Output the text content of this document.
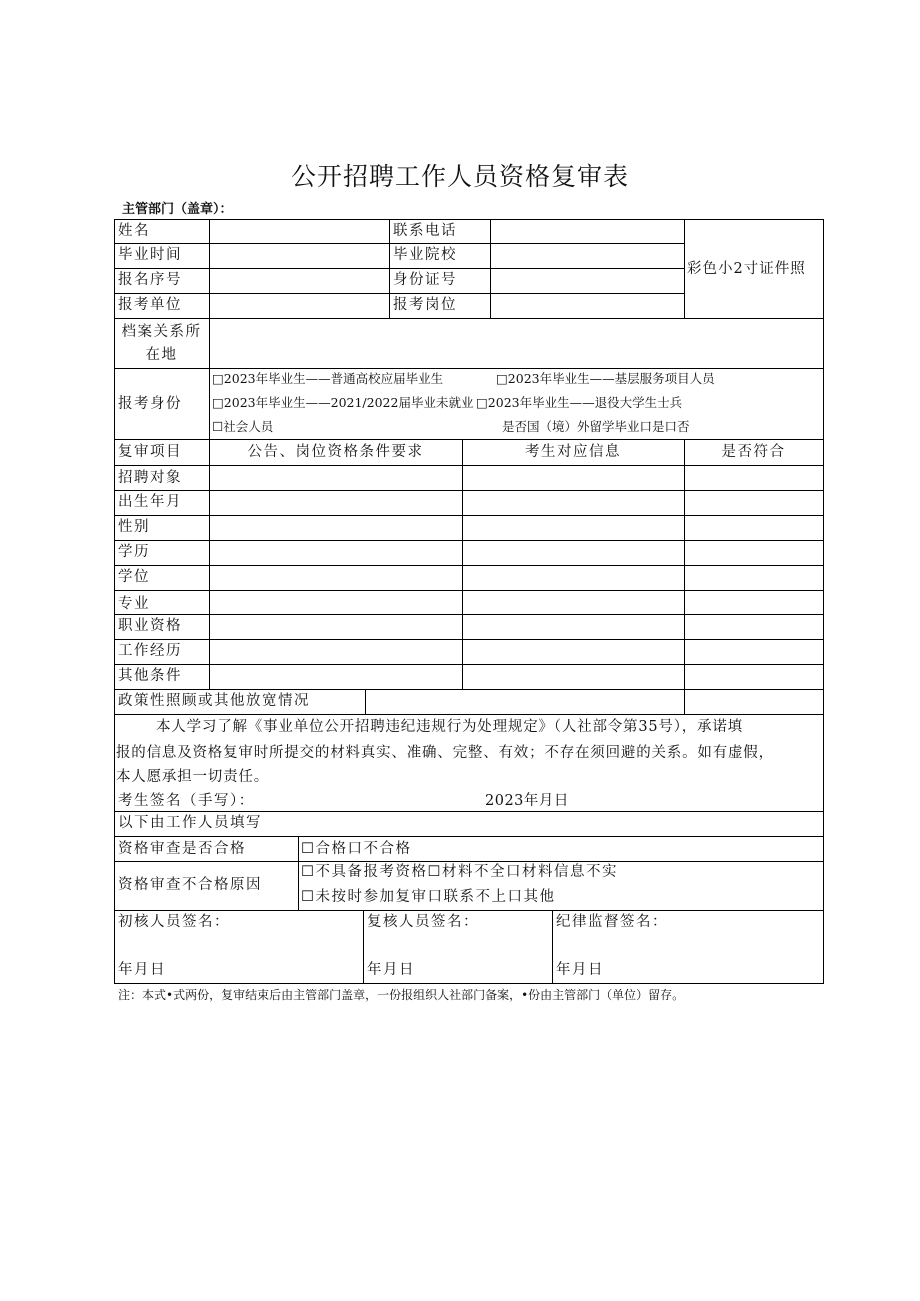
公开招聘工作人员资格复审表
主管部门（盖章）：
姓名	联系电话
毕业时间	毕业院校
报名序号	身份证号
报考单位	报考岗位
彩色小2寸证件照
档案关系所
在地
报考身份
□2023年毕业生——普通高校应届毕业生	□2023年毕业生——基层服务项目人员
□2023年毕业生——2021/2022届毕业未就业 □2023年毕业生——退役大学生士兵
☐社会人员	是否国（境）外留学毕业口是口否
复审项目	公告、岗位资格条件要求	考生对应信息	是否符合
招聘对象
出生年月
性别
学历
学位
专业
职业资格
工作经历
其他条件
政策性照顾或其他放宽情况
本人学习了解《事业单位公开招聘违纪违规行为处理规定》（人社部令第35号），承诺填
报的信息及资格复审时所提交的材料真实、准确、完整、有效；不存在须回避的关系。如有虚假，
本人愿承担一切责任。
考生签名（手写）：	2023年月日
以下由工作人员填写
资格审查是否合格	☐合格口不合格
资格审查不合格原因
☐不具备报考资格☐材料不全口材料信息不实
☐未按时参加复审口联系不上口其他
初核人员签名：	复核人员签名：	纪律监督签名：
年月日	年月日	年月日
注：本式•式两份，复审结束后由主管部门盖章，一份报组织人社部门备案，•份由主管部门（单位）留存。
